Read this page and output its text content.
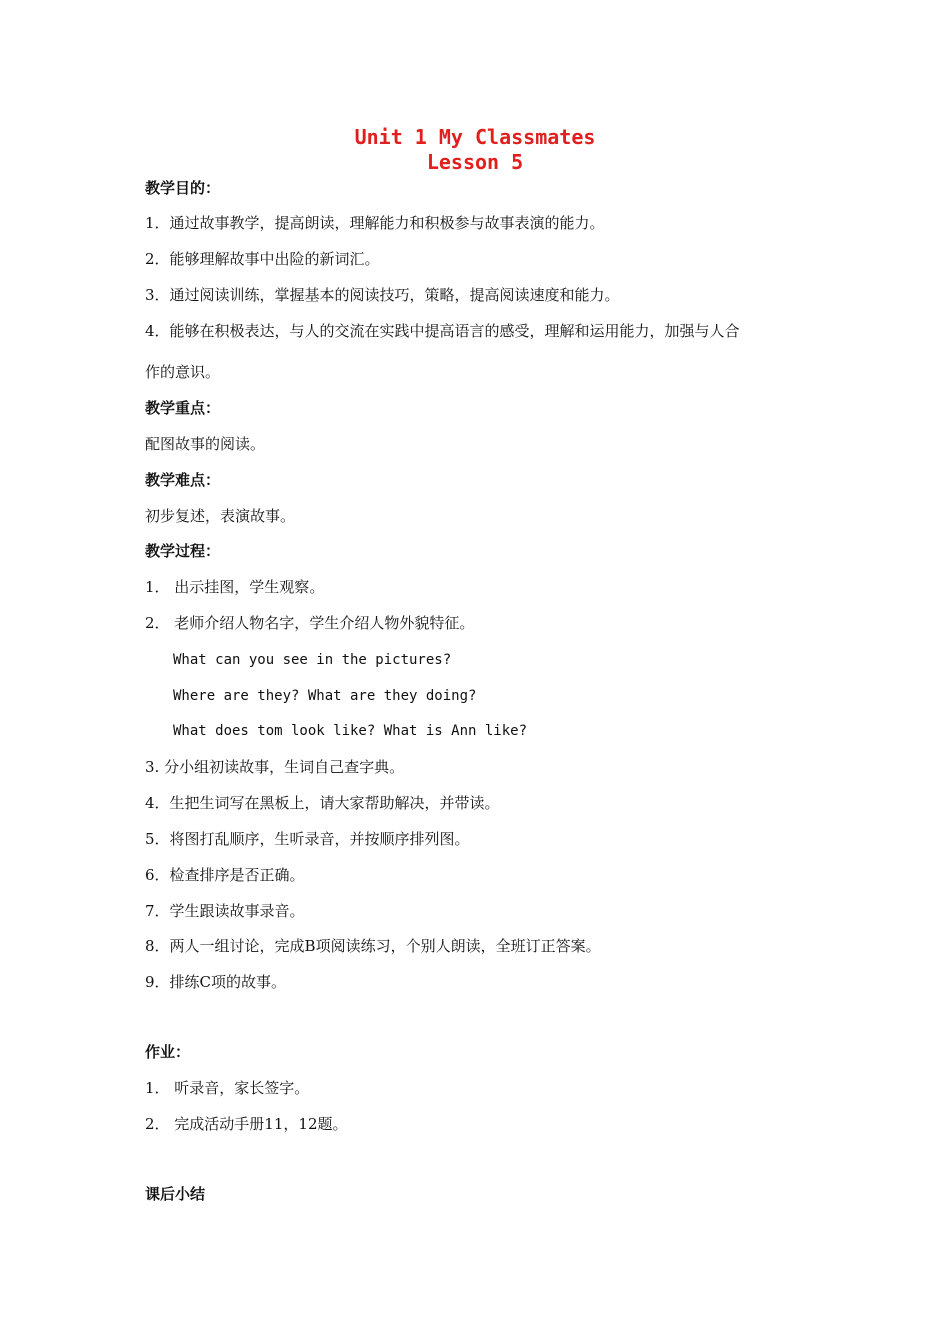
Unit 1 My Classmates
Lesson 5
教学目的：
1．通过故事教学，提高朗读，理解能力和积极参与故事表演的能力。
2．能够理解故事中出险的新词汇。
3．通过阅读训练，掌握基本的阅读技巧，策略，提高阅读速度和能力。
4．能够在积极表达，与人的交流在实践中提高语言的感受，理解和运用能力，加强与人合
作的意识。
教学重点：
配图故事的阅读。
教学难点：
初步复述，表演故事。
教学过程：
1． 出示挂图，学生观察。
2． 老师介绍人物名字，学生介绍人物外貌特征。
What can you see in the pictures?
Where are they? What are they doing?
What does tom look like? What is Ann like?
3. 分小组初读故事，生词自己查字典。
4．生把生词写在黑板上，请大家帮助解决，并带读。
5．将图打乱顺序，生听录音，并按顺序排列图。
6．检查排序是否正确。
7．学生跟读故事录音。
8．两人一组讨论，完成B项阅读练习，个别人朗读，全班订正答案。
9．排练C项的故事。
作业：
1． 听录音，家长签字。
2． 完成活动手册11，12题。
课后小结
